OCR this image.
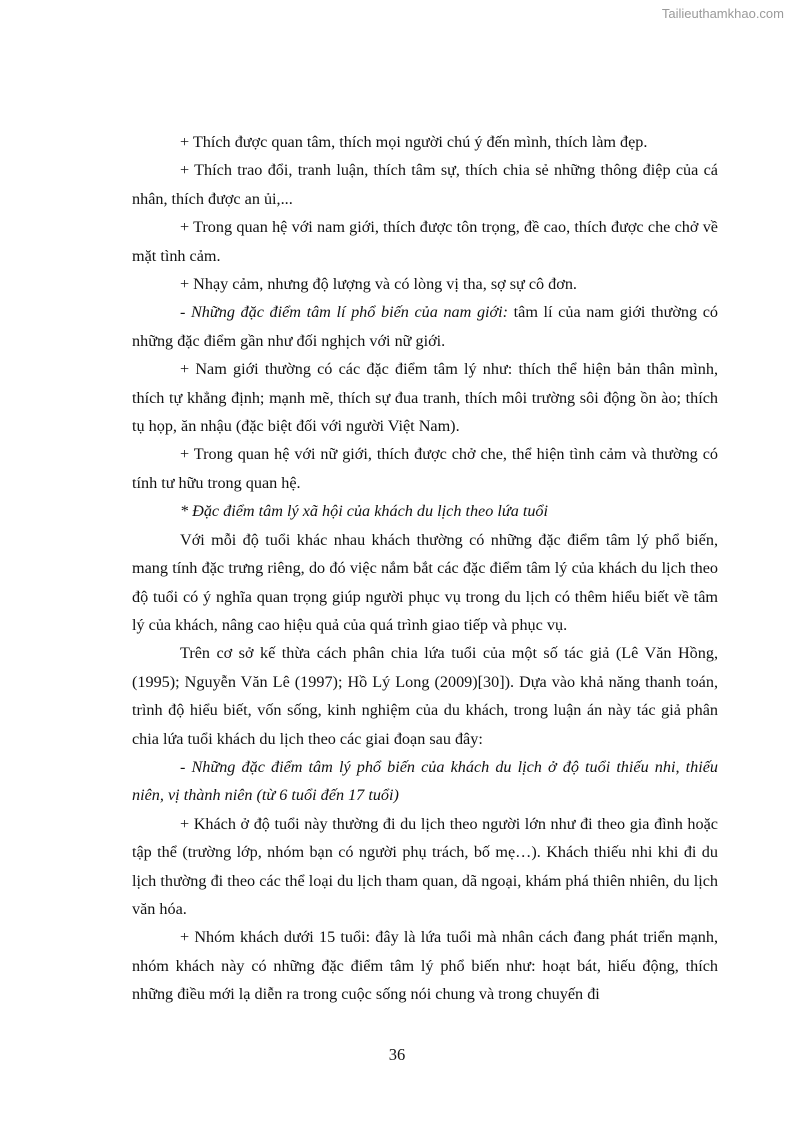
Tailieuthamkhao.com

+ Thích được quan tâm, thích mọi người chú ý đến mình, thích làm đẹp.

+ Thích trao đổi, tranh luận, thích tâm sự, thích chia sẻ những thông điệp của cá nhân, thích được an ủi,...

+ Trong quan hệ với nam giới, thích được tôn trọng, đề cao, thích được che chở về mặt tình cảm.

+ Nhạy cảm, nhưng độ lượng và có lòng vị tha, sợ sự cô đơn.

- Những đặc điểm tâm lí phổ biến của nam giới: tâm lí của nam giới thường có những đặc điểm gần như đối nghịch với nữ giới.

+ Nam giới thường có các đặc điểm tâm lý như: thích thể hiện bản thân mình, thích tự khẳng định; mạnh mẽ, thích sự đua tranh, thích môi trường sôi động ồn ào; thích tụ họp, ăn nhậu (đặc biệt đối với người Việt Nam).

+ Trong quan hệ với nữ giới, thích được chở che, thể hiện tình cảm và thường có tính tư hữu trong quan hệ.

* Đặc điểm tâm lý xã hội của khách du lịch theo lứa tuổi

Với mỗi độ tuổi khác nhau khách thường có những đặc điểm tâm lý phổ biến, mang tính đặc trưng riêng, do đó việc nắm bắt các đặc điểm tâm lý của khách du lịch theo độ tuổi có ý nghĩa quan trọng giúp người phục vụ trong du lịch có thêm hiểu biết về tâm lý của khách, nâng cao hiệu quả của quá trình giao tiếp và phục vụ.

Trên cơ sở kế thừa cách phân chia lứa tuổi của một số tác giả (Lê Văn Hồng, (1995); Nguyễn Văn Lê (1997); Hồ Lý Long (2009)[30]). Dựa vào khả năng thanh toán, trình độ hiểu biết, vốn sống, kinh nghiệm của du khách, trong luận án này tác giả phân chia lứa tuổi khách du lịch theo các giai đoạn sau đây:

- Những đặc điểm tâm lý phổ biến của khách du lịch ở độ tuổi thiếu nhi, thiếu niên, vị thành niên (từ 6 tuổi đến 17 tuổi)

+ Khách ở độ tuổi này thường đi du lịch theo người lớn như đi theo gia đình hoặc tập thể (trường lớp, nhóm bạn có người phụ trách, bố mẹ…). Khách thiếu nhi khi đi du lịch thường đi theo các thể loại du lịch tham quan, dã ngoại, khám phá thiên nhiên, du lịch văn hóa.

+ Nhóm khách dưới 15 tuổi: đây là lứa tuổi mà nhân cách đang phát triển mạnh, nhóm khách này có những đặc điểm tâm lý phổ biến như: hoạt bát, hiếu động, thích những điều mới lạ diễn ra trong cuộc sống nói chung và trong chuyến đi

36
